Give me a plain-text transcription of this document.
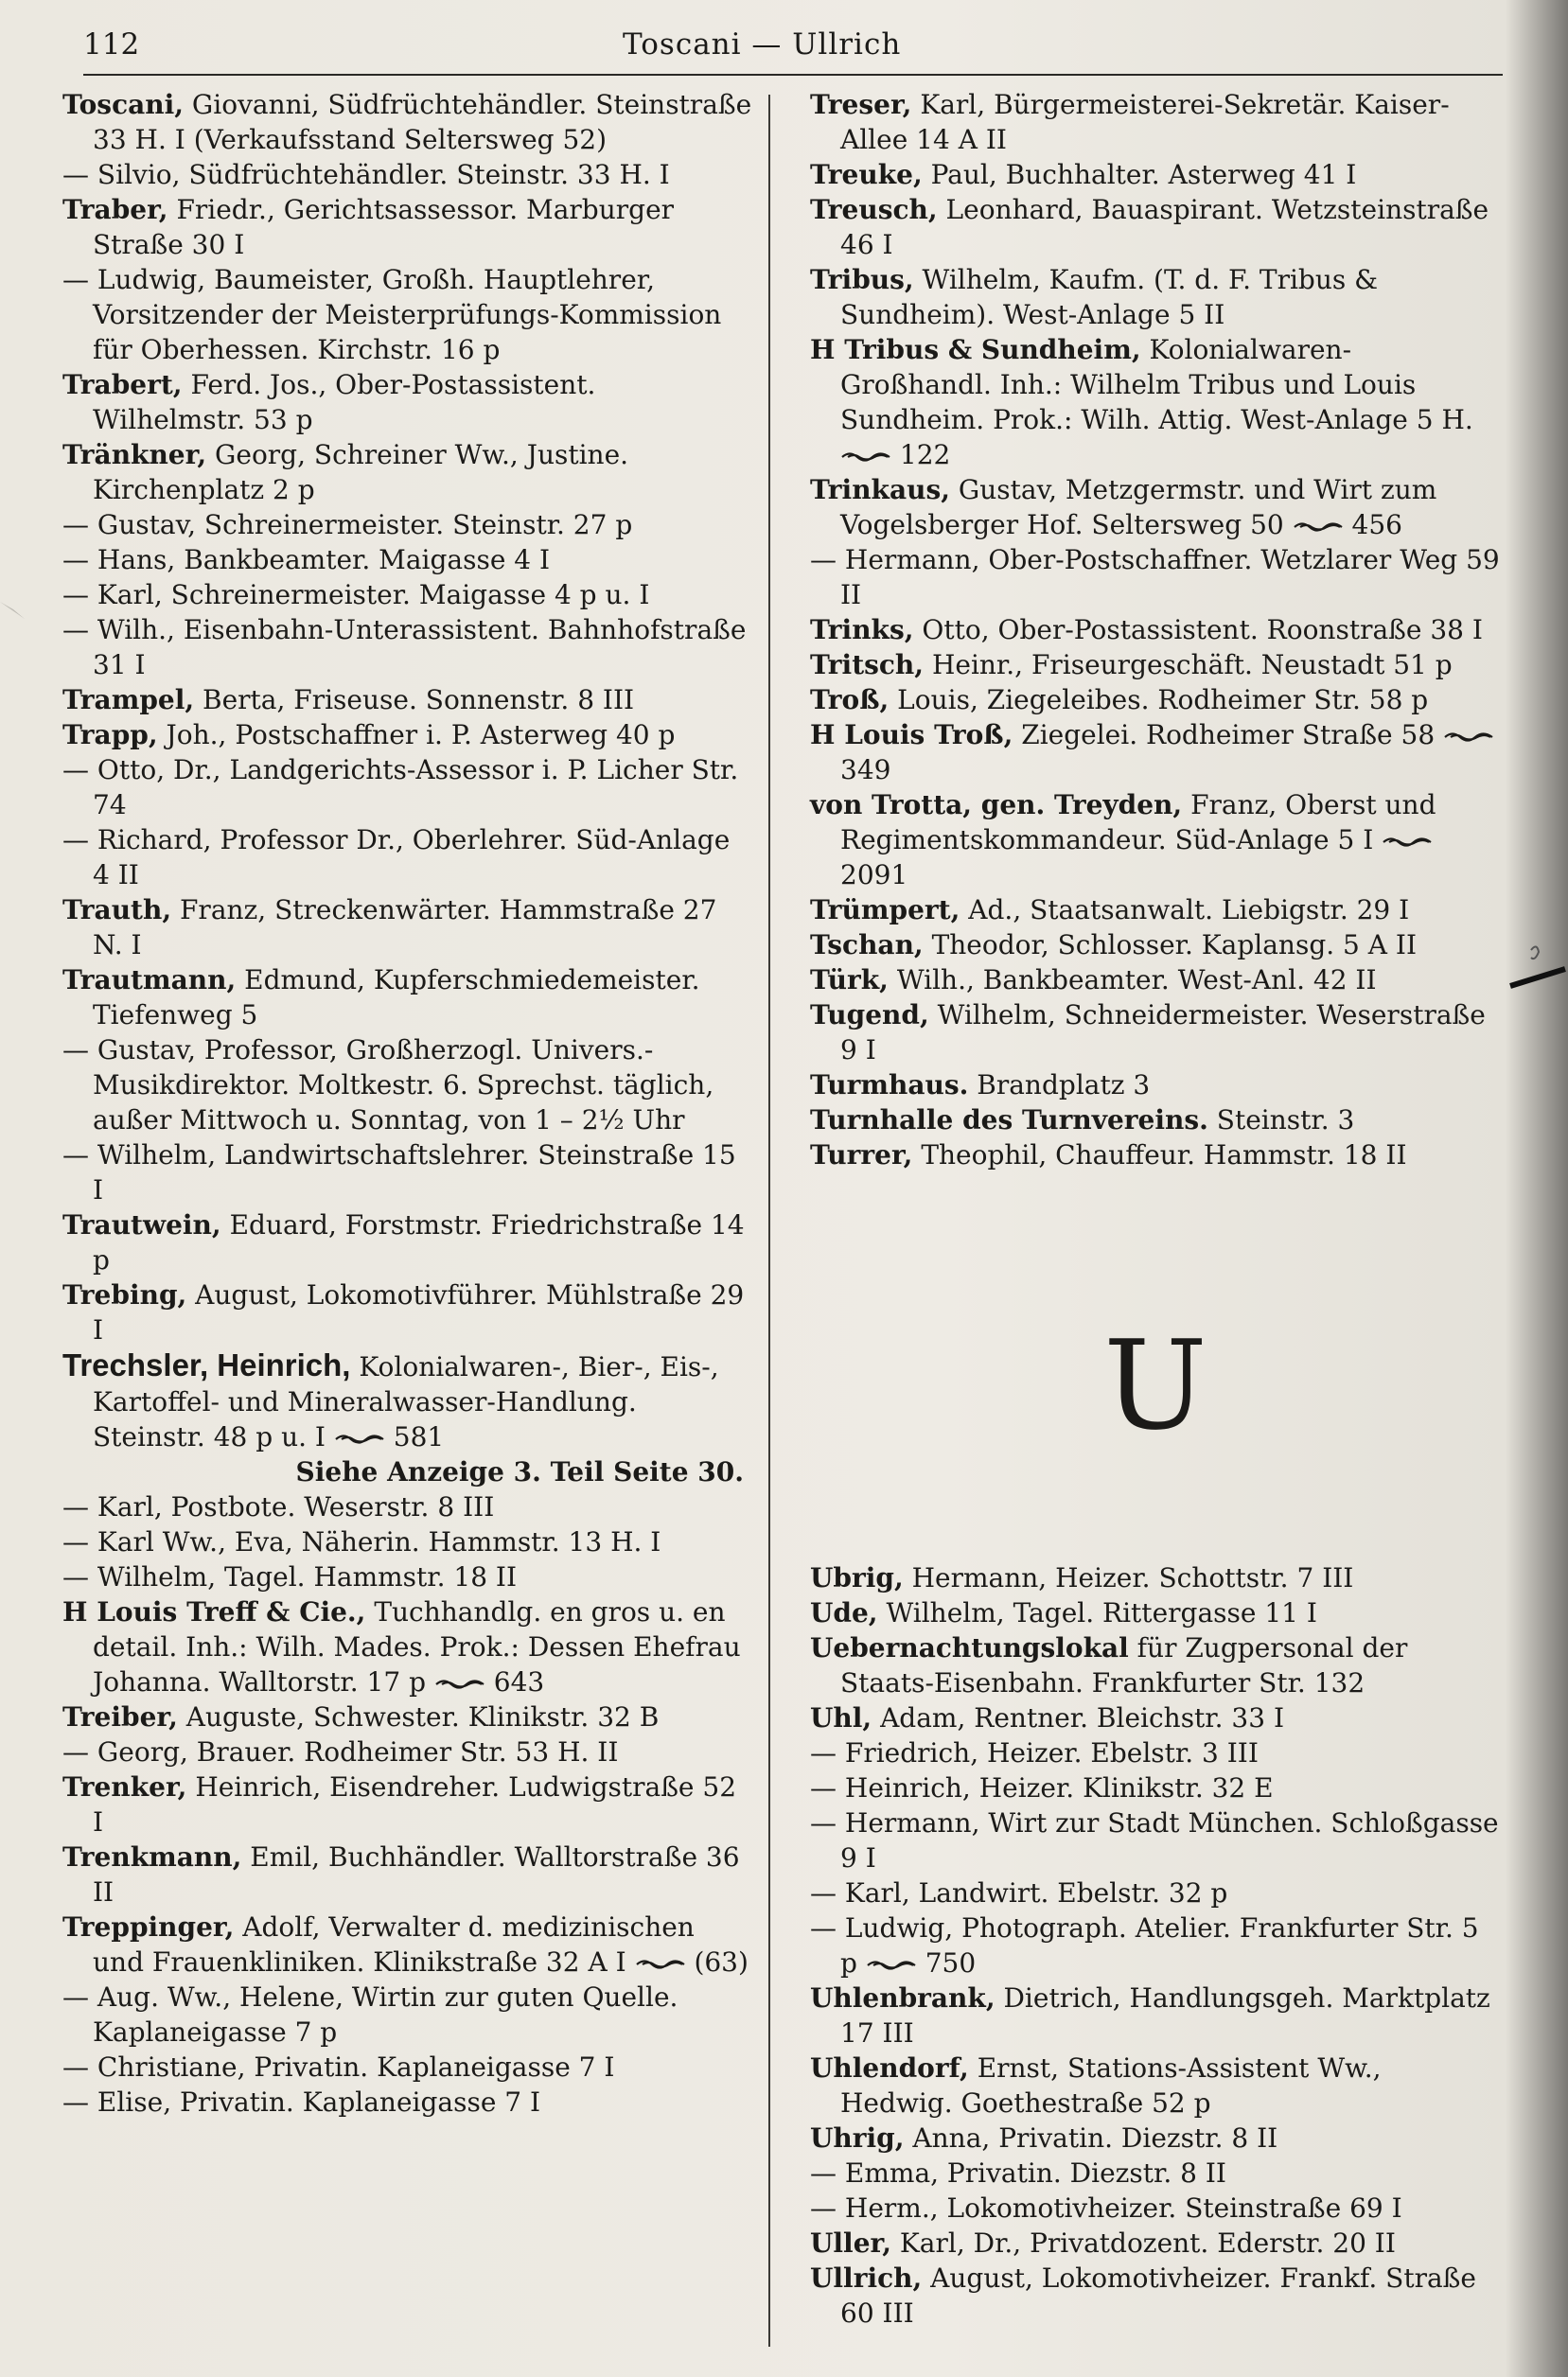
112	Toscani — Ullrich

Toscani, Giovanni, Südfrüchtehändler. Steinstraße 33 H. I (Verkaufsstand Seltersweg 52)

— Silvio, Südfrüchtehändler. Steinstr. 33 H. I

Traber, Friedr., Gerichtsassessor. Marburger Straße 30 I

— Ludwig, Baumeister, Großh. Hauptlehrer, Vorsitzender der Meisterprüfungs-Kommission für Oberhessen. Kirchstr. 16 p

Trabert, Ferd. Jos., Ober-Postassistent. Wilhelmstr. 53 p

Tränkner, Georg, Schreiner Ww., Justine. Kirchenplatz 2 p

— Gustav, Schreinermeister. Steinstr. 27 p

— Hans, Bankbeamter. Maigasse 4 I

— Karl, Schreinermeister. Maigasse 4 p u. I

— Wilh., Eisenbahn-Unterassistent. Bahnhofstraße 31 I

Trampel, Berta, Friseuse. Sonnenstr. 8 III

Trapp, Joh., Postschaffner i. P. Asterweg 40 p

— Otto, Dr., Landgerichts-Assessor i. P. Licher Str. 74

— Richard, Professor Dr., Oberlehrer. Süd-Anlage 4 II

Trauth, Franz, Streckenwärter. Hammstraße 27 N. I

Trautmann, Edmund, Kupferschmiedemeister. Tiefenweg 5

— Gustav, Professor, Großherzogl. Univers.-Musikdirektor. Moltkestr. 6. Sprechst. täglich, außer Mittwoch u. Sonntag, von 1 – 2½ Uhr

— Wilhelm, Landwirtschaftslehrer. Steinstraße 15 I

Trautwein, Eduard, Forstmstr. Friedrichstraße 14 p

Trebing, August, Lokomotivführer. Mühlstraße 29 I

Trechsler, Heinrich, Kolonialwaren-, Bier-, Eis-, Kartoffel- und Mineralwasser-Handlung. Steinstr. 48 p u. I  581

Siehe Anzeige 3. Teil Seite 30.

— Karl, Postbote. Weserstr. 8 III

— Karl Ww., Eva, Näherin. Hammstr. 13 H. I

— Wilhelm, Tagel. Hammstr. 18 II

H Louis Treff & Cie., Tuchhandlg. en gros u. en detail. Inh.: Wilh. Mades. Prok.: Dessen Ehefrau Johanna. Walltorstr. 17 p  643

Treiber, Auguste, Schwester. Klinikstr. 32 B

— Georg, Brauer. Rodheimer Str. 53 H. II

Trenker, Heinrich, Eisendreher. Ludwigstraße 52 I

Trenkmann, Emil, Buchhändler. Walltorstraße 36 II

Treppinger, Adolf, Verwalter d. medizinischen und Frauenkliniken. Klinikstraße 32 A I  (63)

— Aug. Ww., Helene, Wirtin zur guten Quelle. Kaplaneigasse 7 p

— Christiane, Privatin. Kaplaneigasse 7 I

— Elise, Privatin. Kaplaneigasse 7 I

Treser, Karl, Bürgermeisterei-Sekretär. Kaiser-Allee 14 A II

Treuke, Paul, Buchhalter. Asterweg 41 I

Treusch, Leonhard, Bauaspirant. Wetzsteinstraße 46 I

Tribus, Wilhelm, Kaufm. (T. d. F. Tribus & Sundheim). West-Anlage 5 II

H Tribus & Sundheim, Kolonialwaren-Großhandl. Inh.: Wilhelm Tribus und Louis Sundheim. Prok.: Wilh. Attig. West-Anlage 5 H.  122

Trinkaus, Gustav, Metzgermstr. und Wirt zum Vogelsberger Hof. Seltersweg 50  456

— Hermann, Ober-Postschaffner. Wetzlarer Weg 59 II

Trinks, Otto, Ober-Postassistent. Roonstraße 38 I

Tritsch, Heinr., Friseurgeschäft. Neustadt 51 p

Troß, Louis, Ziegeleibes. Rodheimer Str. 58 p

H Louis Troß, Ziegelei. Rodheimer Straße 58  349

von Trotta, gen. Treyden, Franz, Oberst und Regimentskommandeur. Süd-Anlage 5 I  2091

Trümpert, Ad., Staatsanwalt. Liebigstr. 29 I

Tschan, Theodor, Schlosser. Kaplansg. 5 A II

Türk, Wilh., Bankbeamter. West-Anl. 42 II

Tugend, Wilhelm, Schneidermeister. Weserstraße 9 I

Turmhaus. Brandplatz 3

Turnhalle des Turnvereins. Steinstr. 3

Turrer, Theophil, Chauffeur. Hammstr. 18 II

U

Ubrig, Hermann, Heizer. Schottstr. 7 III

Ude, Wilhelm, Tagel. Rittergasse 11 I

Uebernachtungslokal für Zugpersonal der Staats-Eisenbahn. Frankfurter Str. 132

Uhl, Adam, Rentner. Bleichstr. 33 I

— Friedrich, Heizer. Ebelstr. 3 III

— Heinrich, Heizer. Klinikstr. 32 E

— Hermann, Wirt zur Stadt München. Schloßgasse 9 I

— Karl, Landwirt. Ebelstr. 32 p

— Ludwig, Photograph. Atelier. Frankfurter Str. 5 p  750

Uhlenbrank, Dietrich, Handlungsgeh. Marktplatz 17 III

Uhlendorf, Ernst, Stations-Assistent Ww., Hedwig. Goethestraße 52 p

Uhrig, Anna, Privatin. Diezstr. 8 II

— Emma, Privatin. Diezstr. 8 II

— Herm., Lokomotivheizer. Steinstraße 69 I

Uller, Karl, Dr., Privatdozent. Ederstr. 20 II

Ullrich, August, Lokomotivheizer. Frankf. Straße 60 III
